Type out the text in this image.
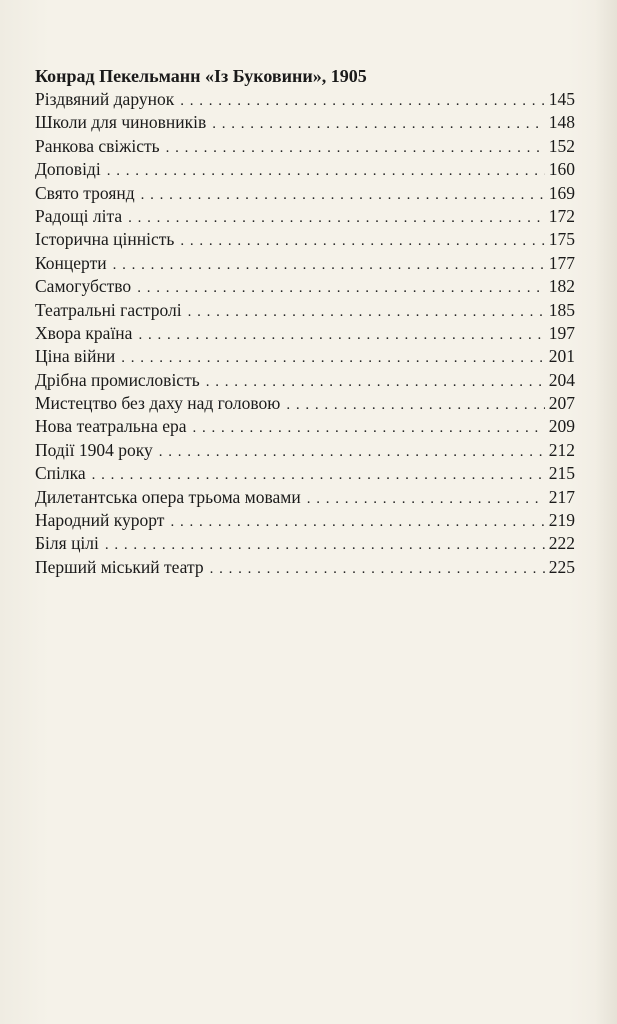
Конрад Пекельманн «Із Буковини», 1905
Різдвяний дарунок . . .	145
Школи для чиновників . . .	148
Ранкова свіжість . . .	152
Доповіді . . .	160
Свято троянд . . .	169
Радощі літа . . .	172
Історична цінність . . .	175
Концерти . . .	177
Самогубство . . .	182
Театральні гастролі . . .	185
Хвора країна . . .	197
Ціна війни . . .	201
Дрібна промисловість . . .	204
Мистецтво без даху над головою . . .	207
Нова театральна ера . . .	209
Події 1904 року . . .	212
Спілка . . .	215
Дилетантська опера трьома мовами . . .	217
Народний курорт . . .	219
Біля цілі . . .	222
Перший міський театр . . .	225
